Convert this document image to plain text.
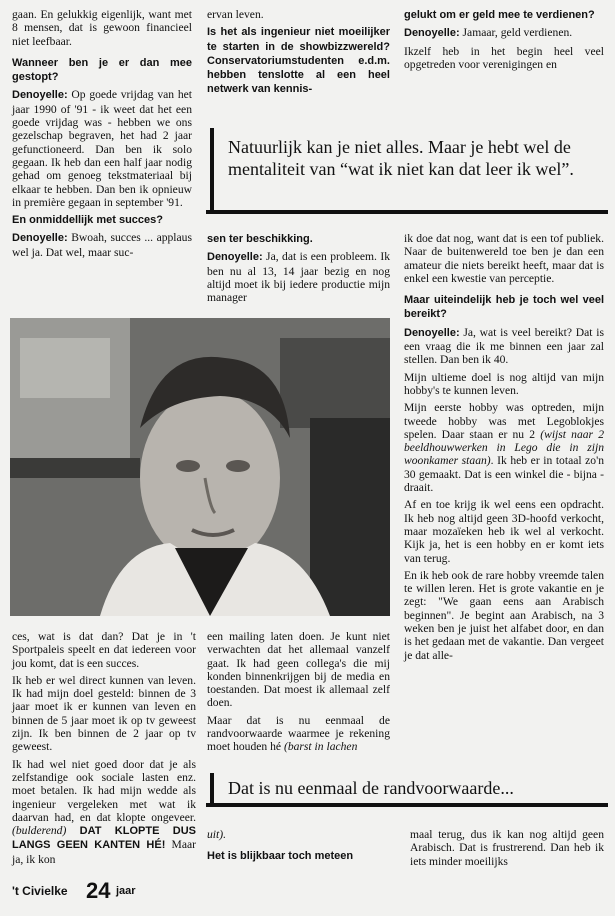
gaan. En gelukkig eigenlijk, want met 8 mensen, dat is gewoon financieel niet leefbaar.

Wanneer ben je er dan mee gestopt?

Denoyelle: Op goede vrijdag van het jaar 1990 of '91 - ik weet dat het een goede vrijdag was - hebben we ons gezelschap begraven, het had 2 jaar gefunctioneerd. Dan ben ik solo gegaan. Ik heb dan een half jaar nodig gehad om genoeg tekstmateriaal bij elkaar te hebben. Dan ben ik opnieuw in première gegaan in september '91.

En onmiddellijk met succes?

Denoyelle: Bwoah, succes ... applaus wel ja. Dat wel, maar suc-

ervan leven.

Is het als ingenieur niet moeilijker te starten in de showbizzwereld? Conservatoriumstudenten e.d.m. hebben tenslotte al een heel netwerk van kennis-

gelukt om er geld mee te verdienen?

Denoyelle: Jamaar, geld verdienen.

Ikzelf heb in het begin heel veel opgetreden voor verenigingen en

Natuurlijk kan je niet alles. Maar je hebt wel de mentaliteit van “wat ik niet kan dat leer ik wel”.

sen ter beschikking.

Denoyelle: Ja, dat is een probleem. Ik ben nu al 13, 14 jaar bezig en nog altijd moet ik bij iedere productie mijn manager

ik doe dat nog, want dat is een tof publiek. Naar de buitenwereld toe ben je dan een amateur die niets bereikt heeft, maar dat is enkel een kwestie van perceptie.

Maar uiteindelijk heb je toch wel veel bereikt?

Denoyelle: Ja, wat is veel bereikt? Dat is een vraag die ik me binnen een jaar zal stellen. Dan ben ik 40.

Mijn ultieme doel is nog altijd van mijn hobby's te kunnen leven.

Mijn eerste hobby was optreden, mijn tweede hobby was met Legoblokjes spelen. Daar staan er nu 2 (wijst naar 2 beeldhouwwerken in Lego die in zijn woonkamer staan). Ik heb er in totaal zo'n 30 gemaakt. Dat is een winkel die - bijna - draait.

Af en toe krijg ik wel eens een opdracht. Ik heb nog altijd geen 3D-hoofd verkocht, maar mozaïeken heb ik wel al verkocht. Kijk ja, het is een hobby en er komt iets van terug.

En ik heb ook de rare hobby vreemde talen te willen leren. Het is grote vakantie en je zegt: "We gaan eens aan Arabisch beginnen". Je begint aan Arabisch, na 3 weken ben je juist het alfabet door, en dan is het gedaan met de vakantie. Dan vergeet je dat alle-

ces, wat is dat dan? Dat je in 't Sportpaleis speelt en dat iedereen voor jou komt, dat is een succes.

Ik heb er wel direct kunnen van leven. Ik had mijn doel gesteld: binnen de 3 jaar moet ik er kunnen van leven en binnen de 5 jaar moet ik op tv geweest zijn. Ik ben binnen de 2 jaar op tv geweest.

Ik had wel niet goed door dat je als zelfstandige ook sociale lasten enz. moet betalen. Ik had mijn wedde als ingenieur vergeleken met wat ik daarvan had, en dat klopte ongeveer. (bulderend) DAT KLOPTE DUS LANGS GEEN KANTEN HÉ! Maar ja, ik kon

een mailing laten doen. Je kunt niet verwachten dat het allemaal vanzelf gaat. Ik had geen collega's die mij konden binnenkrijgen bij de media en toestanden. Dat moest ik allemaal zelf doen.

Maar dat is nu eenmaal de randvoorwaarde waarmee je rekening moet houden hé (barst in lachen

Dat is nu eenmaal de randvoorwaarde...

uit).

Het is blijkbaar toch meteen

maal terug, dus ik kan nog altijd geen Arabisch. Dat is frustrerend. Dan heb ik iets minder moeilijks

't Civielke 24 jaar
